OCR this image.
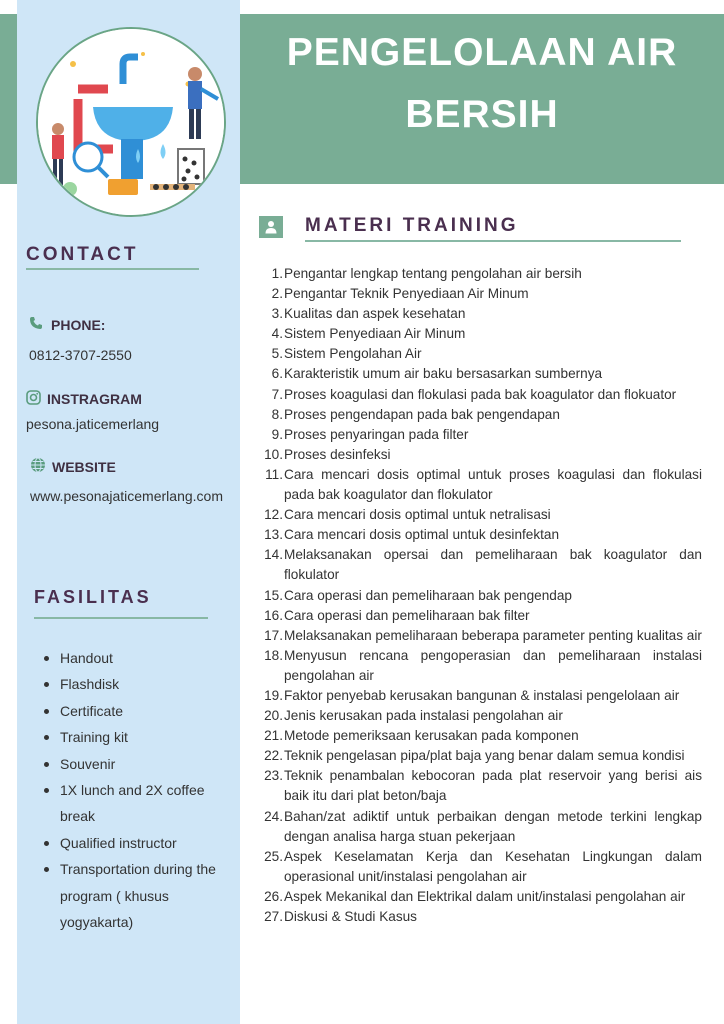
PENGELOLAAN AIR
BERSIH
CONTACT
PHONE:
0812-3707-2550
INSTRAGRAM
pesona.jaticemerlang
WEBSITE
www.pesonajaticemerlang.com
FASILITAS
Handout
Flashdisk
Certificate
Training kit
Souvenir
1X lunch and 2X coffee break
Qualified instructor
Transportation during the program ( khusus yogyakarta)
MATERI TRAINING
1. Pengantar lengkap tentang pengolahan air bersih
2. Pengantar Teknik Penyediaan Air Minum
3. Kualitas dan aspek kesehatan
4. Sistem Penyediaan Air Minum
5. Sistem Pengolahan Air
6. Karakteristik umum air baku bersasarkan sumbernya
7. Proses koagulasi dan flokulasi pada bak koagulator dan flokuator
8. Proses pengendapan pada bak pengendapan
9. Proses penyaringan pada filter
10. Proses desinfeksi
11. Cara mencari dosis optimal untuk proses koagulasi dan flokulasi pada bak koagulator dan flokulator
12. Cara mencari dosis optimal untuk netralisasi
13. Cara mencari dosis optimal untuk desinfektan
14. Melaksanakan opersai dan pemeliharaan bak koagulator dan flokulator
15. Cara operasi dan pemeliharaan bak pengendap
16. Cara operasi dan pemeliharaan bak filter
17. Melaksanakan pemeliharaan beberapa parameter penting kualitas air
18. Menyusun rencana pengoperasian dan pemeliharaan instalasi pengolahan air
19. Faktor penyebab kerusakan bangunan & instalasi pengelolaan air
20. Jenis kerusakan pada instalasi pengolahan air
21. Metode pemeriksaan kerusakan pada komponen
22. Teknik pengelasan pipa/plat baja yang benar dalam semua kondisi
23. Teknik penambalan kebocoran pada plat reservoir yang berisi ais baik itu dari plat beton/baja
24. Bahan/zat adiktif untuk perbaikan dengan metode terkini lengkap dengan analisa harga stuan pekerjaan
25. Aspek Keselamatan Kerja dan Kesehatan Lingkungan dalam operasional unit/instalasi pengolahan air
26. Aspek Mekanikal dan Elektrikal dalam unit/instalasi pengolahan air
27. Diskusi & Studi Kasus
